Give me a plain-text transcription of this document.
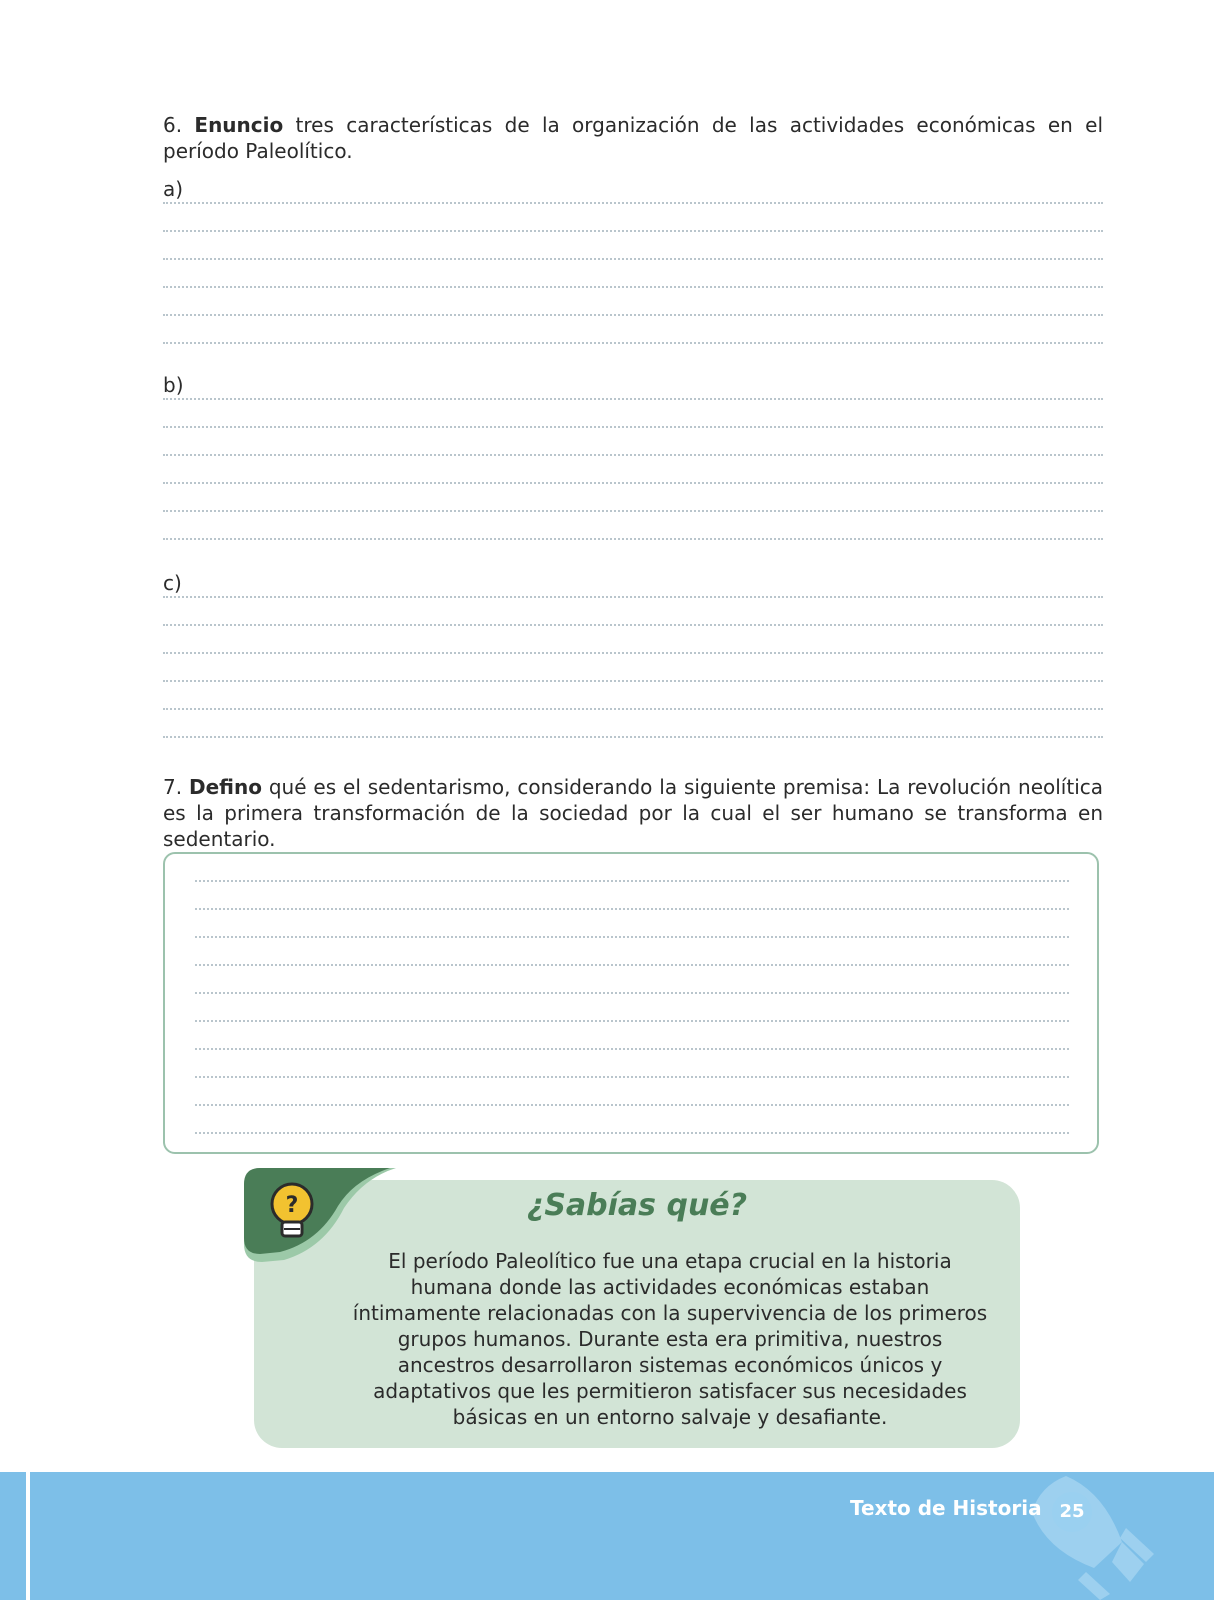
6. Enuncio tres características de la organización de las actividades económicas en el período Paleolítico.
a)
b)
c)
7. Defino qué es el sedentarismo, considerando la siguiente premisa: La revolución neolítica es la primera transformación de la sociedad por la cual el ser humano se transforma en sedentario.
?	¿Sabías qué?
El período Paleolítico fue una etapa crucial en la historia humana donde las actividades económicas estaban íntimamente relacionadas con la supervivencia de los primeros grupos humanos. Durante esta era primitiva, nuestros ancestros desarrollaron sistemas económicos únicos y adaptativos que les permitieron satisfacer sus necesidades básicas en un entorno salvaje y desafiante.
Texto de Historia 25
